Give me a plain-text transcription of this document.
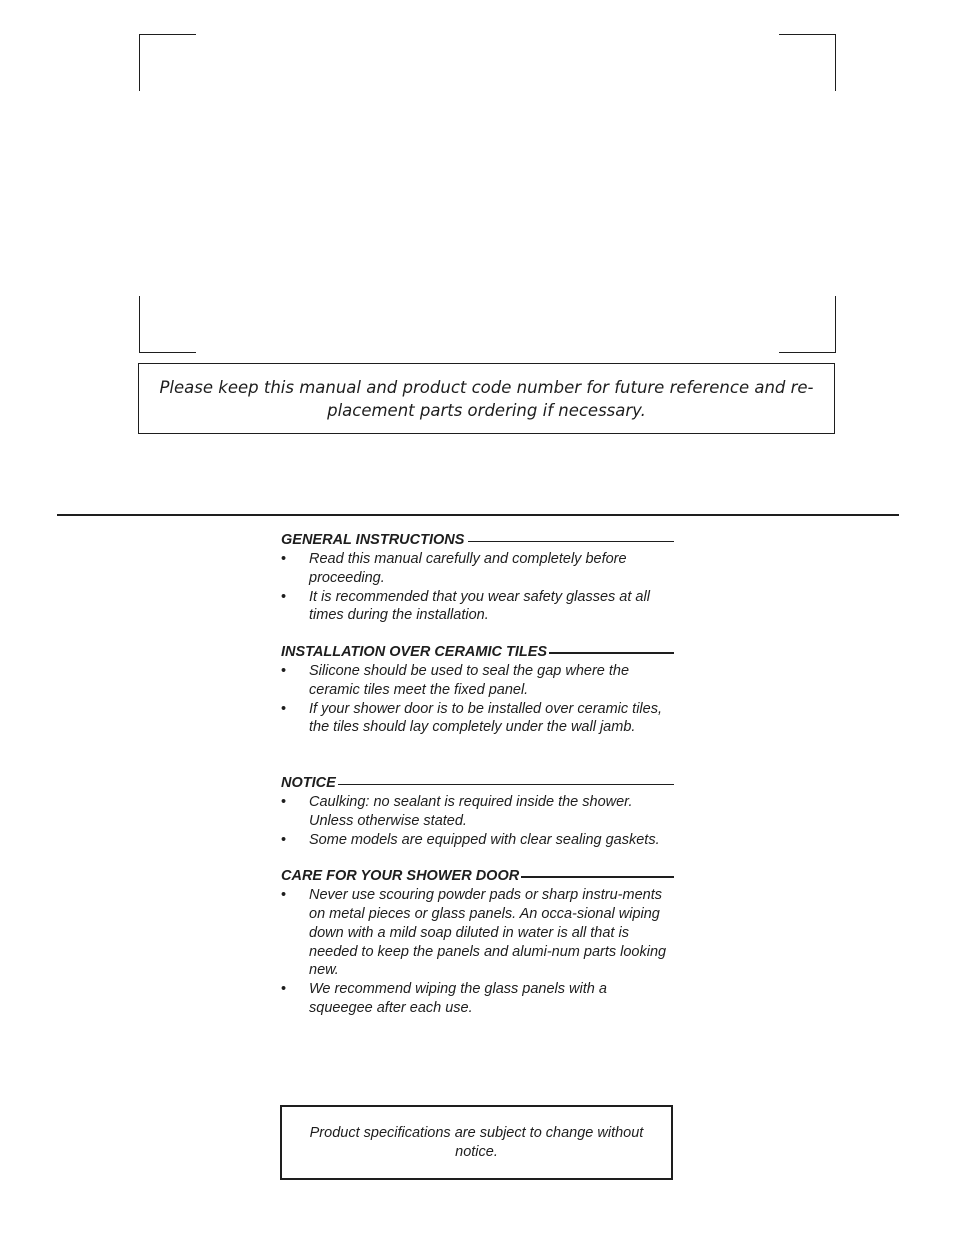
Please keep this manual and product code number for future reference and re-placement parts ordering if necessary.

GENERAL INSTRUCTIONS
• Read this manual carefully and completely before proceeding.
• It is recommended that you wear safety glasses at all times during the installation.
INSTALLATION OVER CERAMIC TILES
• Silicone should be used to seal the gap where the ceramic tiles meet the fixed panel.
• If your shower door is to be installed over ceramic tiles, the tiles should lay completely under the wall jamb.
NOTICE
• Caulking: no sealant is required inside the shower. Unless otherwise stated.
• Some models are equipped with clear sealing gaskets.
CARE FOR YOUR SHOWER DOOR
• Never use scouring powder pads or sharp instru-ments on metal pieces or glass panels. An occa-sional wiping down with a mild soap diluted in water is all that is needed to keep the panels and alumi-num parts looking new.
• We recommend wiping the glass panels with a squeegee after each use.

Product specifications are subject to change without notice.
